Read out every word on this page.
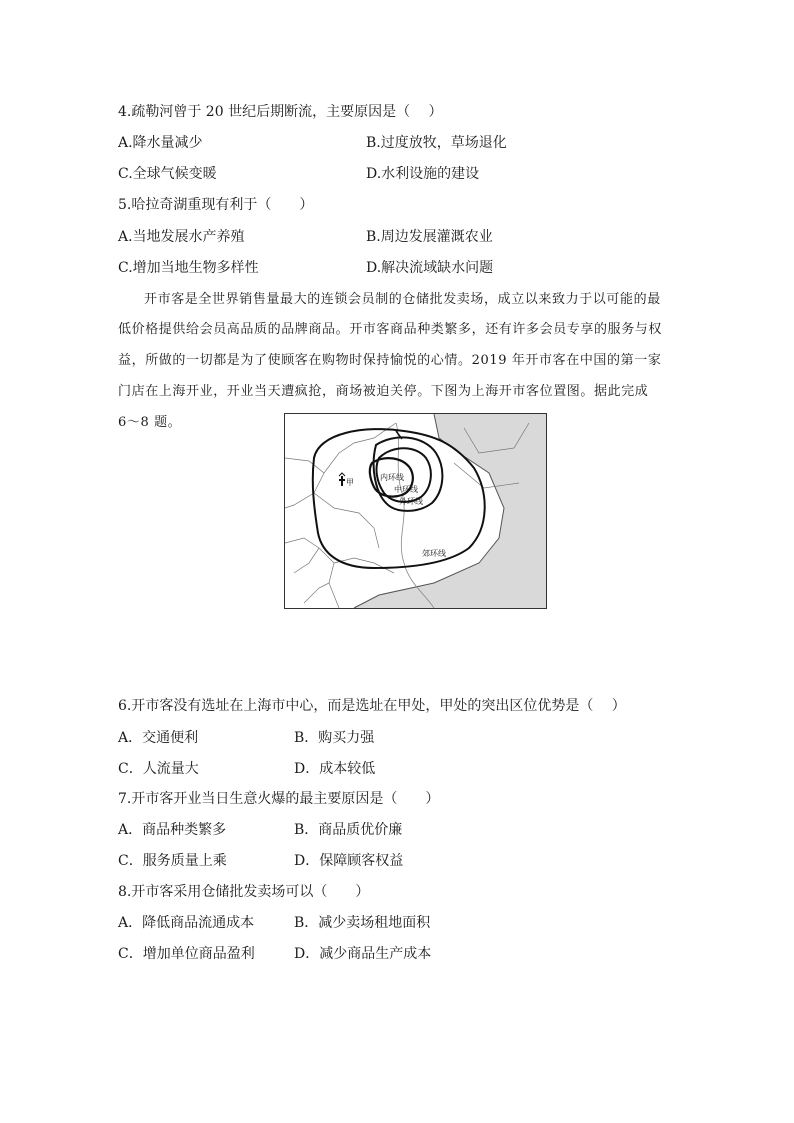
4.疏勒河曾于 20 世纪后期断流，主要原因是（　 ）
A.降水量减少	B.过度放牧，草场退化
C.全球气候变暖	D.水利设施的建设
5.哈拉奇湖重现有利于（　　）
A.当地发展水产养殖	B.周边发展灌溉农业
C.增加当地生物多样性	D.解决流域缺水问题
开市客是全世界销售量最大的连锁会员制的仓储批发卖场，成立以来致力于以可能的最
低价格提供给会员高品质的品牌商品。开市客商品种类繁多，还有许多会员专享的服务与权
益，所做的一切都是为了使顾客在购物时保持愉悦的心情。2019 年开市客在中国的第一家
门店在上海开业，开业当天遭疯抢，商场被迫关停。下图为上海开市客位置图。据此完成
6～8 题。
内环线
中环线
外环线
郊环线
甲
6.开市客没有选址在上海市中心，而是选址在甲处，甲处的突出区位优势是（　 ）
A．交通便利	B．购买力强
C．人流量大	D．成本较低
7.开市客开业当日生意火爆的最主要原因是（　　）
A．商品种类繁多	B．商品质优价廉
C．服务质量上乘	D．保障顾客权益
8.开市客采用仓储批发卖场可以（　　）
A．降低商品流通成本	B．减少卖场租地面积
C．增加单位商品盈利	D．减少商品生产成本
